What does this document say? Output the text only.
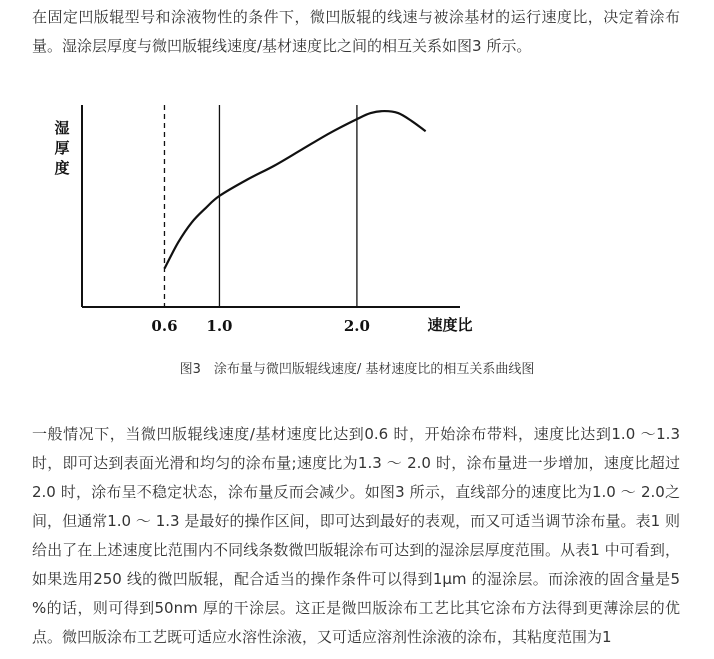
在固定凹版辊型号和涂液物性的条件下，微凹版辊的线速与被涂基材的运行速度比，决定着涂布量。湿涂层厚度与微凹版辊线速度/基材速度比之间的相互关系如图3 所示。

0.6 1.0	2.0
湿
厚
度
速度比
图3　涂布量与微凹版辊线速度/ 基材速度比的相互关系曲线图

一般情况下，当微凹版辊线速度/基材速度比达到0.6 时，开始涂布带料，速度比达到1.0 ～1.3 时，即可达到表面光滑和均匀的涂布量;速度比为1.3 ～ 2.0 时，涂布量进一步增加，速度比超过2.0 时，涂布呈不稳定状态，涂布量反而会减少。如图3 所示，直线部分的速度比为1.0 ～ 2.0之间，但通常1.0 ～ 1.3 是最好的操作区间，即可达到最好的表观，而又可适当调节涂布量。表1 则给出了在上述速度比范围内不同线条数微凹版辊涂布可达到的湿涂层厚度范围。从表1 中可看到，如果选用250 线的微凹版辊，配合适当的操作条件可以得到1μm 的湿涂层。而涂液的固含量是5 %的话，则可得到50nm 厚的干涂层。这正是微凹版涂布工艺比其它涂布方法得到更薄涂层的优点。微凹版涂布工艺既可适应水溶性涂液，又可适应溶剂性涂液的涂布，其粘度范围为1
